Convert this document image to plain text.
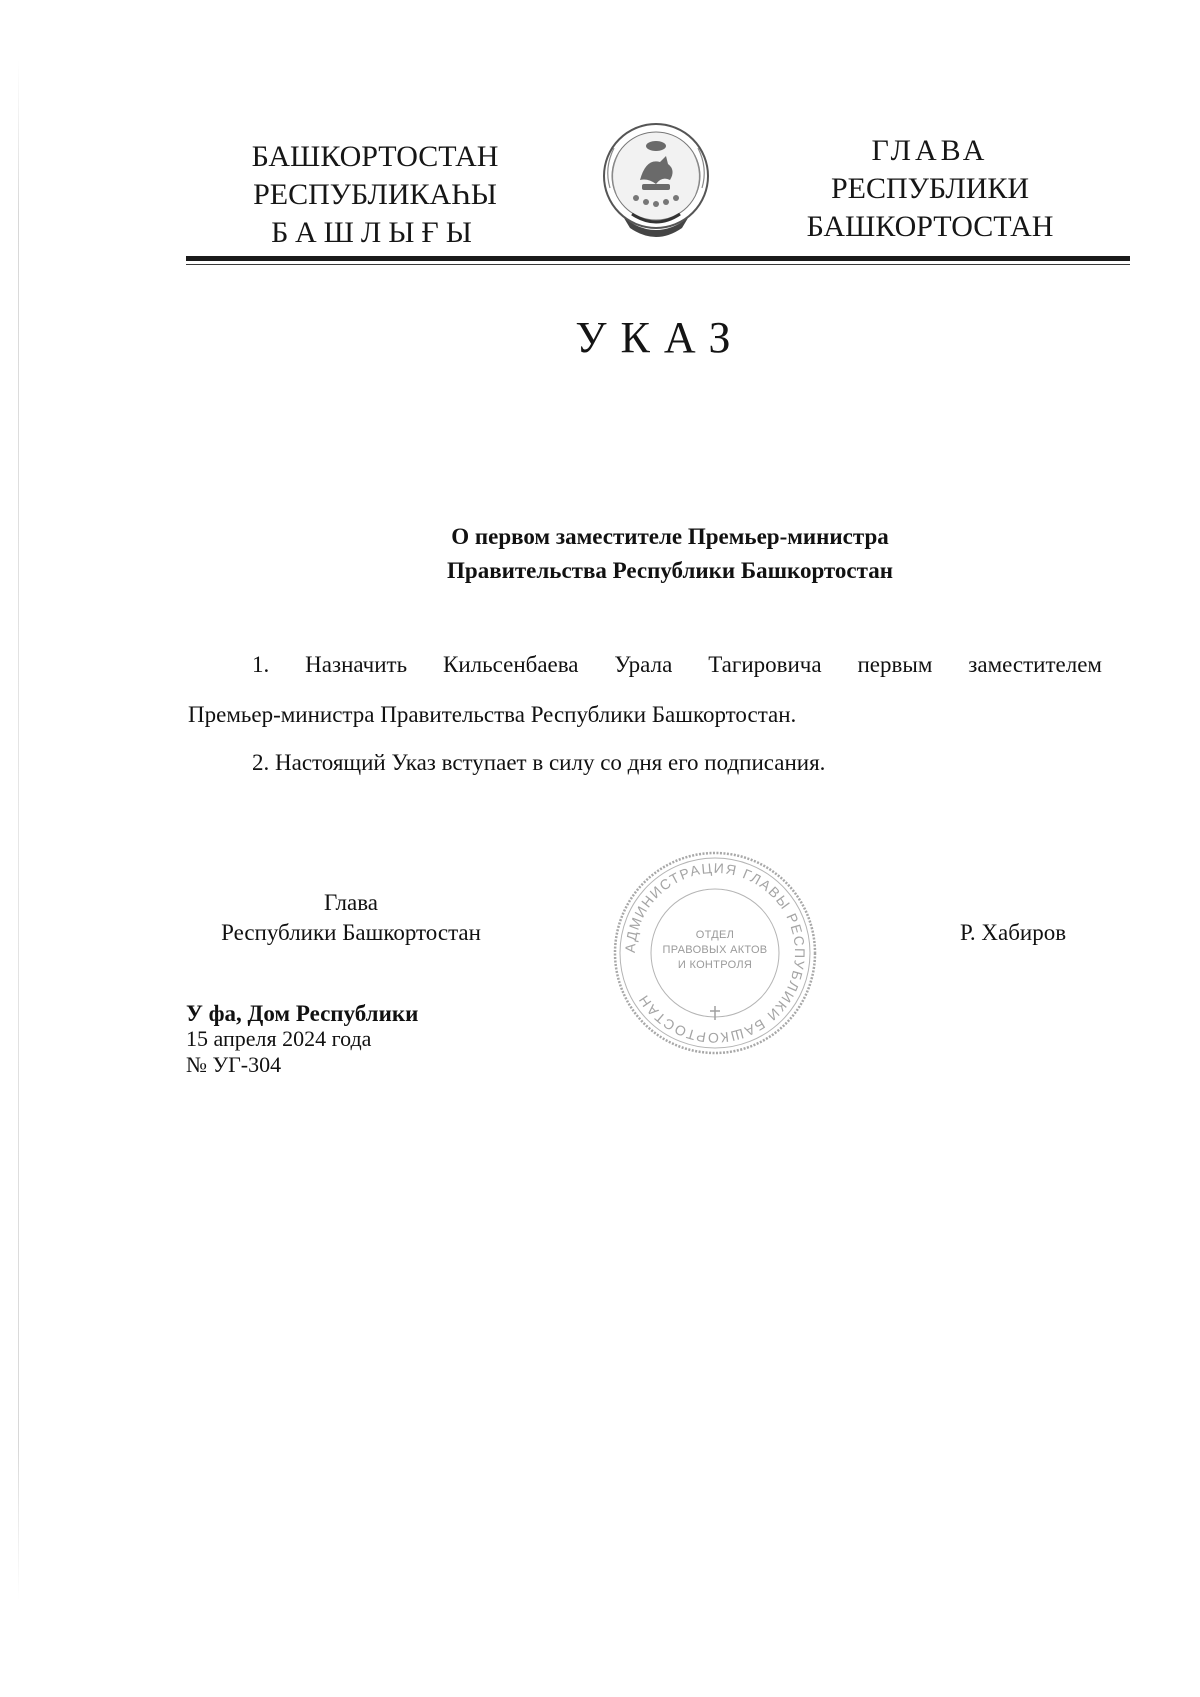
БАШКОРТОСТАН
РЕСПУБЛИКАҺЫ
БАШЛЫҒЫ
ГЛАВА
РЕСПУБЛИКИ
БАШКОРТОСТАН
УКАЗ
О первом заместителе Премьер-министра
Правительства Республики Башкортостан
1. Назначить Кильсенбаева Урала Тагировича первым заместителем
Премьер-министра Правительства Республики Башкортостан.
2. Настоящий Указ вступает в силу со дня его подписания.
Глава
Республики Башкортостан
АДМИНИСТРАЦИЯ ГЛАВЫ РЕСПУБЛИКИ БАШКОРТОСТАН
ОТДЕЛ
ПРАВОВЫХ АКТОВ
И КОНТРОЛЯ
Р. Хабиров
У фа, Дом Республики
15 апреля 2024 года
№ УГ-304
